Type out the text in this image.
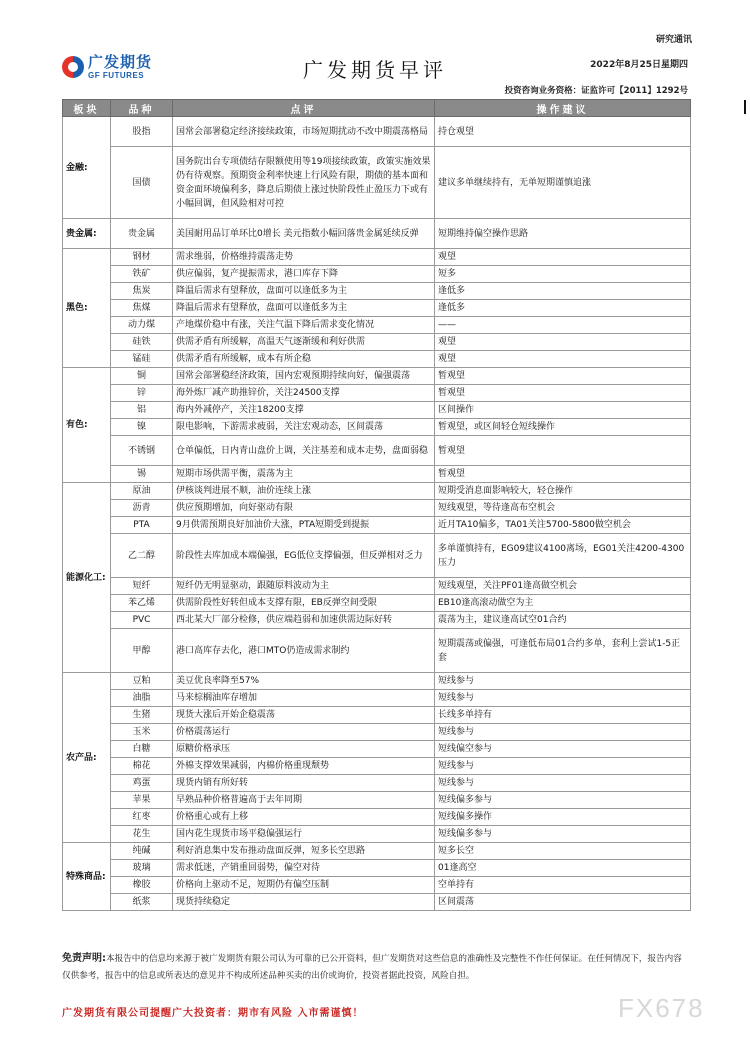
广发期货
GF FUTURES
研究通讯
广发期货早评	2022年8月25日星期四
投资咨询业务资格：证监许可【2011】1292号
板块	品种	点评	操作建议
金融:	股指	国常会部署稳定经济接续政策，市场短期扰动不改中期震荡格局	持仓观望
	国债	国务院出台专项债结存限额使用等19项接续政策，政策实施效果仍有待观察。预期资金利率快速上行风险有限，期债的基本面和资金面环境偏利多，降息后期债上涨过快阶段性止盈压力下或有小幅回调，但风险相对可控	建议多单继续持有，无单短期谨慎追涨
贵金属:	贵金属	美国耐用品订单环比0增长 美元指数小幅回落贵金属延续反弹	短期维持偏空操作思路
黑色:	钢材	需求维弱，价格维持震荡走势	观望
	铁矿	供应偏弱，复产提振需求，港口库存下降	短多
	焦炭	降温后需求有望释放，盘面可以逢低多为主	逢低多
	焦煤	降温后需求有望释放，盘面可以逢低多为主	逢低多
	动力煤	产地煤价稳中有涨，关注气温下降后需求变化情况	——
	硅铁	供需矛盾有所缓解，高温天气逐渐缓和利好供需	观望
	锰硅	供需矛盾有所缓解，成本有所企稳	观望
有色:	铜	国常会部署稳经济政策，国内宏观预期持续向好，偏强震荡	暂观望
	锌	海外炼厂减产助推锌价，关注24500支撑	暂观望
	铝	海内外减停产，关注18200支撑	区间操作
	镍	限电影响，下游需求疲弱，关注宏观动态，区间震荡	暂观望，或区间轻仓短线操作
	不锈钢	仓单偏低，日内青山盘价上调，关注基差和成本走势，盘面弱稳	暂观望
	锡	短期市场供需平衡，震荡为主	暂观望
能源化工:	原油	伊核谈判进展不顺，油价连续上涨	短期受消息面影响较大，轻仓操作
	沥青	供应预期增加，向好驱动有限	短线观望，等待逢高布空机会
	PTA	9月供需预期良好加油价大涨，PTA短期受到提振	近月TA10偏多，TA01关注5700-5800做空机会
	乙二醇	阶段性去库加成本端偏强，EG低位支撑偏强，但反弹相对乏力	多单谨慎持有，EG09建议4100离场，EG01关注4200-4300压力
	短纤	短纤仍无明显驱动，跟随原料波动为主	短线观望，关注PF01逢高做空机会
	苯乙烯	供需阶段性好转但成本支撑有限，EB反弹空间受限	EB10逢高滚动做空为主
	PVC	西北某大厂部分检修，供应端趋弱和加速供需边际好转	震荡为主，建议逢高试空01合约
	甲醇	港口高库存去化，港口MTO仍造成需求制约	短期震荡或偏强，可逢低布局01合约多单，套利上尝试1-5正套
农产品:	豆粕	美豆优良率降至57%	短线参与
	油脂	马来棕榈油库存增加	短线参与
	生猪	现货大涨后开始企稳震荡	长线多单持有
	玉米	价格震荡运行	短线参与
	白糖	原糖价格承压	短线偏空参与
	棉花	外棉支撑效果减弱，内棉价格重现颓势	短线参与
	鸡蛋	现货内销有所好转	短线参与
	苹果	早熟品种价格普遍高于去年同期	短线偏多参与
	红枣	价格重心或有上移	短线偏多操作
	花生	国内花生现货市场平稳偏强运行	短线偏多参与
特殊商品:	纯碱	利好消息集中发布推动盘面反弹，短多长空思路	短多长空
	玻璃	需求低迷，产销重回弱势，偏空对待	01逢高空
	橡胶	价格向上驱动不足，短期仍有偏空压制	空单持有
	纸浆	现货持续稳定	区间震荡
免责声明:本报告中的信息均来源于被广发期货有限公司认为可靠的已公开资料，但广发期货对这些信息的准确性及完整性不作任何保证。在任何情况下，报告内容仅供参考，报告中的信息或所表达的意见并不构成所述品种买卖的出价或询价，投资者据此投资，风险自担。
广发期货有限公司提醒广大投资者：期市有风险 入市需谨慎！	FX678
